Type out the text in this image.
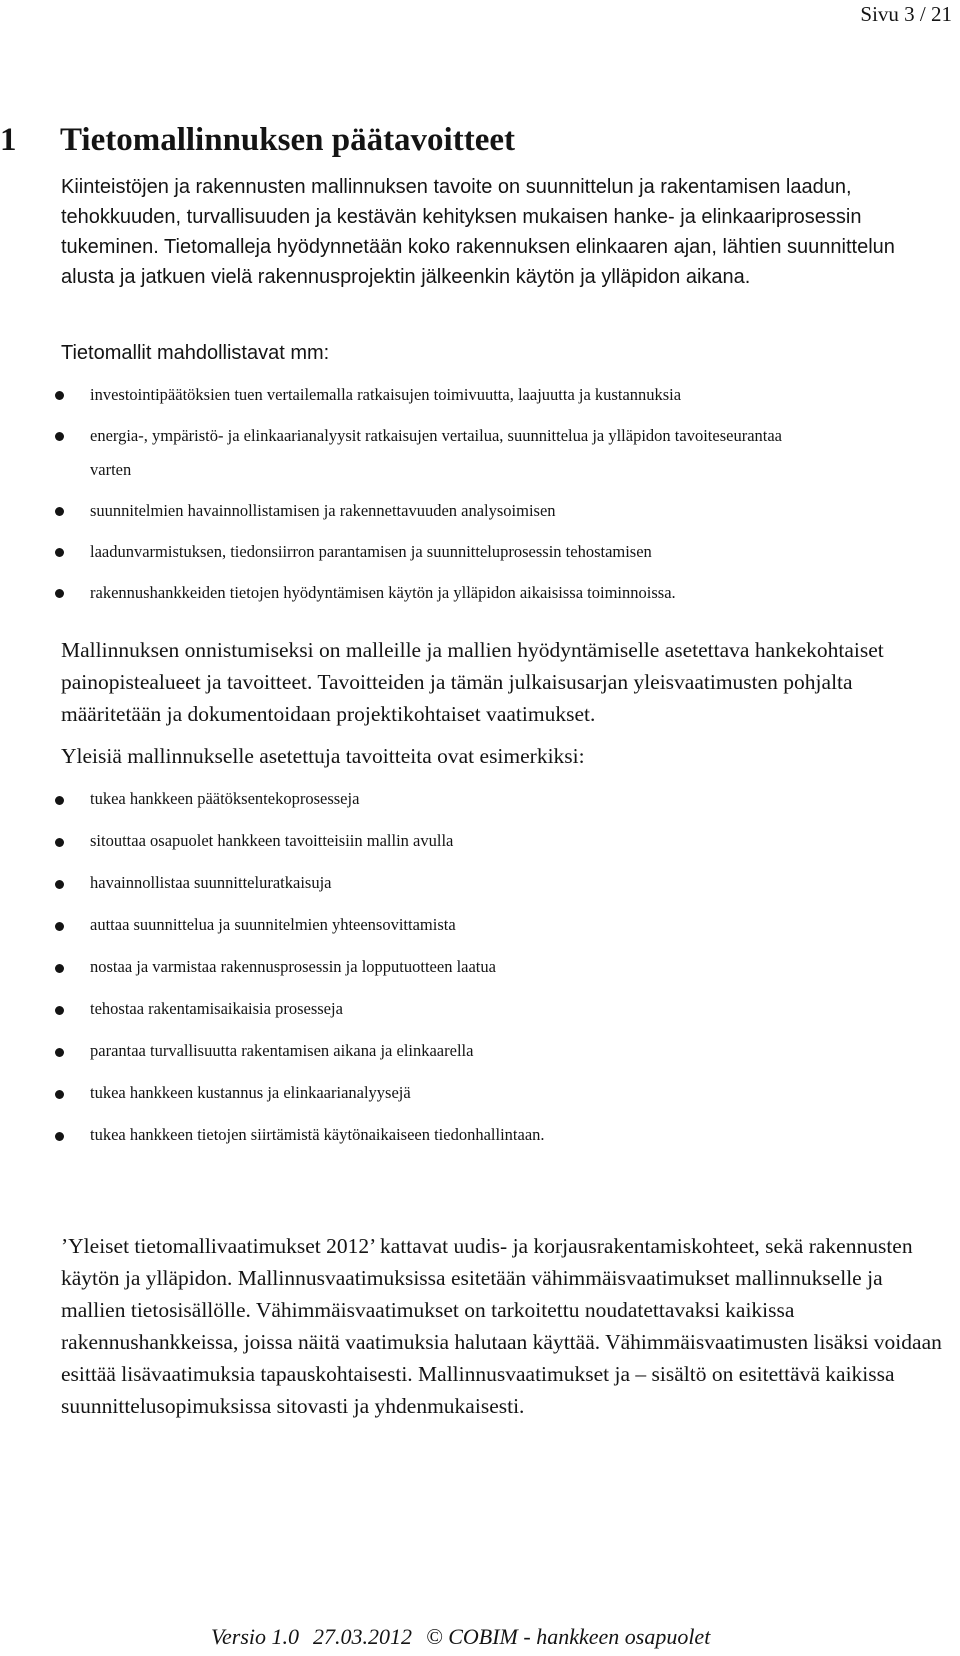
Sivu 3 / 21
1 Tietomallinnuksen päätavoitteet
Kiinteistöjen ja rakennusten mallinnuksen tavoite on suunnittelun ja rakentamisen laadun, tehokkuuden, turvallisuuden ja kestävän kehityksen mukaisen hanke- ja elinkaariprosessin tukeminen. Tietomalleja hyödynnetään koko rakennuksen elinkaaren ajan, lähtien suunnittelun alusta ja jatkuen vielä rakennusprojektin jälkeenkin käytön ja ylläpidon aikana.
Tietomallit mahdollistavat mm:
investointipäätöksien tuen vertailemalla ratkaisujen toimivuutta, laajuutta ja kustannuksia
energia-, ympäristö- ja elinkaarianalyysit ratkaisujen vertailua, suunnittelua ja ylläpidon tavoiteseurantaa varten
suunnitelmien havainnollistamisen ja rakennettavuuden analysoimisen
laadunvarmistuksen, tiedonsiirron parantamisen ja suunnitteluprosessin tehostamisen
rakennushankkeiden tietojen hyödyntämisen käytön ja ylläpidon aikaisissa toiminnoissa.
Mallinnuksen onnistumiseksi on malleille ja mallien hyödyntämiselle asetettava hankekohtaiset painopistealueet ja tavoitteet. Tavoitteiden ja tämän julkaisusarjan yleisvaatimusten pohjalta määritetään ja dokumentoidaan projektikohtaiset vaatimukset.
Yleisiä mallinnukselle asetettuja tavoitteita ovat esimerkiksi:
tukea hankkeen päätöksentekoprosesseja
sitouttaa osapuolet hankkeen tavoitteisiin mallin avulla
havainnollistaa suunnitteluratkaisuja
auttaa suunnittelua ja suunnitelmien yhteensovittamista
nostaa ja varmistaa rakennusprosessin ja lopputuotteen laatua
tehostaa rakentamisaikaisia prosesseja
parantaa turvallisuutta rakentamisen aikana ja elinkaarella
tukea hankkeen kustannus ja elinkaarianalyysejä
tukea hankkeen tietojen siirtämistä käytönaikaiseen tiedonhallintaan.
’Yleiset tietomallivaatimukset 2012’ kattavat uudis- ja korjausrakentamiskohteet, sekä rakennusten käytön ja ylläpidon. Mallinnusvaatimuksissa esitetään vähimmäisvaatimukset mallinnukselle ja mallien tietosisällölle. Vähimmäisvaatimukset on tarkoitettu noudatettavaksi kaikissa rakennushankkeissa, joissa näitä vaatimuksia halutaan käyttää. Vähimmäisvaatimusten lisäksi voidaan esittää lisävaatimuksia tapauskohtaisesti. Mallinnusvaatimukset ja – sisältö on esitettävä kaikissa suunnittelusopimuksissa sitovasti ja yhdenmukaisesti.
Versio 1.0 27.03.2012 © COBIM - hankkeen osapuolet
